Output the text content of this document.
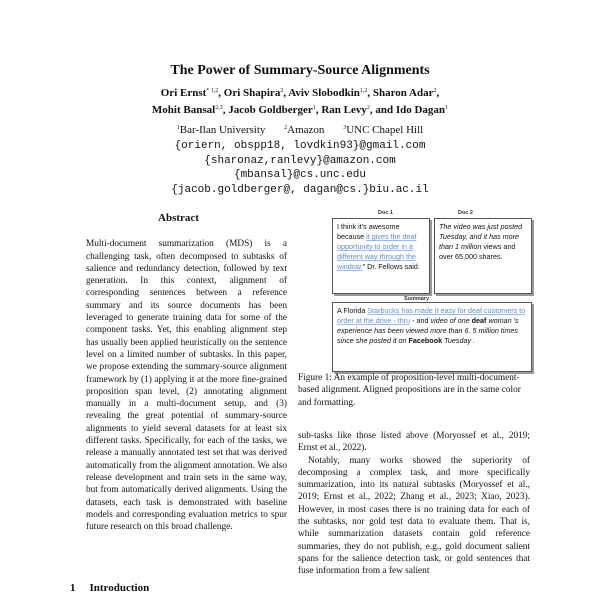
The Power of Summary-Source Alignments
Ori Ernst$^{* 1,2}$, Ori Shapira$^2$, Aviv Slobodkin$^{1,2}$, Sharon Adar$^2$,
Mohit Bansal$^{2,3}$, Jacob Goldberger$^1$, Ran Levy$^2$, and Ido Dagan$^1$
$^1$Bar-Ilan University	$^2$Amazon	$^3$UNC Chapel Hill
{oriern, obspp18, lovdkin93}@gmail.com
{sharonaz,ranlevy}@amazon.com
{mbansal}@cs.unc.edu
{jacob.goldberger@, dagan@cs.}biu.ac.il
Abstract
Multi-document summarization (MDS) is a challenging task, often decomposed to subtasks of salience and redundancy detection, followed by text generation. In this context, alignment of corresponding sentences between a reference summary and its source documents has been leveraged to generate training data for some of the component tasks. Yet, this enabling alignment step has usually been applied heuristically on the sentence level on a limited number of subtasks. In this paper, we propose extending the summary-source alignment framework by (1) applying it at the more fine-grained proposition span level, (2) annotating alignment manually in a multi-document setup, and (3) revealing the great potential of summary-source alignments to yield several datasets for at least six different tasks. Specifically, for each of the tasks, we release a manually annotated test set that was derived automatically from the alignment annotation. We also release development and train sets in the same way, but from automatically derived alignments. Using the datasets, each task is demonstrated with baseline models and corresponding evaluation metrics to spur future research on this broad challenge.
1 Introduction
Doc 1	Doc 2
I think it's awesome because it gives the deaf opportunity to order in a different way through the window." Dr. Fellows said.
The video was just posted Tuesday, and it has more than 1 million views and over 65,000 shares.
Summary
A Florida Starbucks has made it easy for deaf customers to order at the drive - thru - and video of one deaf woman 's experience has been viewed more than 6. 5 million times since she posted it on Facebook Tuesday .
Figure 1: An example of proposition-level multi-document-based alignment. Aligned propositions are in the same color and formatting.

sub-tasks like those listed above (Moryossef et al., 2019; Ernst et al., 2022).

Notably, many works showed the superiority of decomposing a complex task, and more specifically summarization, into its natural subtasks (Moryossef et al., 2019; Ernst et al., 2022; Zhang et al., 2023; Xiao, 2023). However, in most cases there is no training data for each of the subtasks, nor gold test data to evaluate them. That is, while summarization datasets contain gold reference summaries, they do not publish, e.g., gold document salient spans for the salience detection task, or gold sentences that fuse information from a few salient
